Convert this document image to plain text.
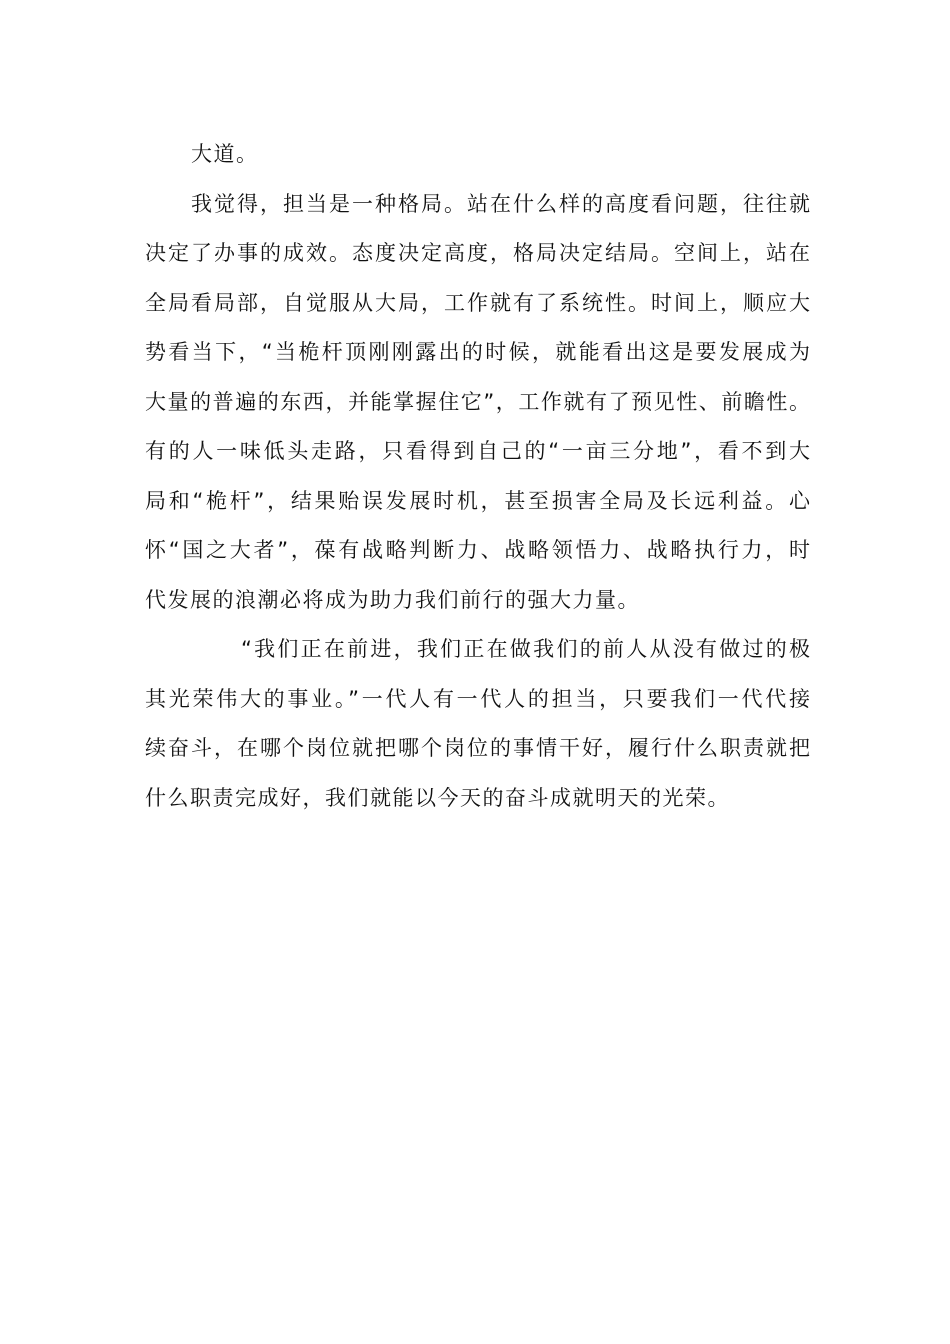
大道。
我觉得，担当是一种格局。站在什么样的高度看问题，往往就
决定了办事的成效。态度决定高度，格局决定结局。空间上，站在
全局看局部，自觉服从大局，工作就有了系统性。时间上，顺应大
势看当下，“当桅杆顶刚刚露出的时候，就能看出这是要发展成为
大量的普遍的东西，并能掌握住它”，工作就有了预见性、前瞻性。
有的人一味低头走路，只看得到自己的“一亩三分地”，看不到大
局和“桅杆”，结果贻误发展时机，甚至损害全局及长远利益。心
怀“国之大者”，葆有战略判断力、战略领悟力、战略执行力，时
代发展的浪潮必将成为助力我们前行的强大力量。
“我们正在前进，我们正在做我们的前人从没有做过的极
其光荣伟大的事业。”一代人有一代人的担当，只要我们一代代接
续奋斗，在哪个岗位就把哪个岗位的事情干好，履行什么职责就把
什么职责完成好，我们就能以今天的奋斗成就明天的光荣。
